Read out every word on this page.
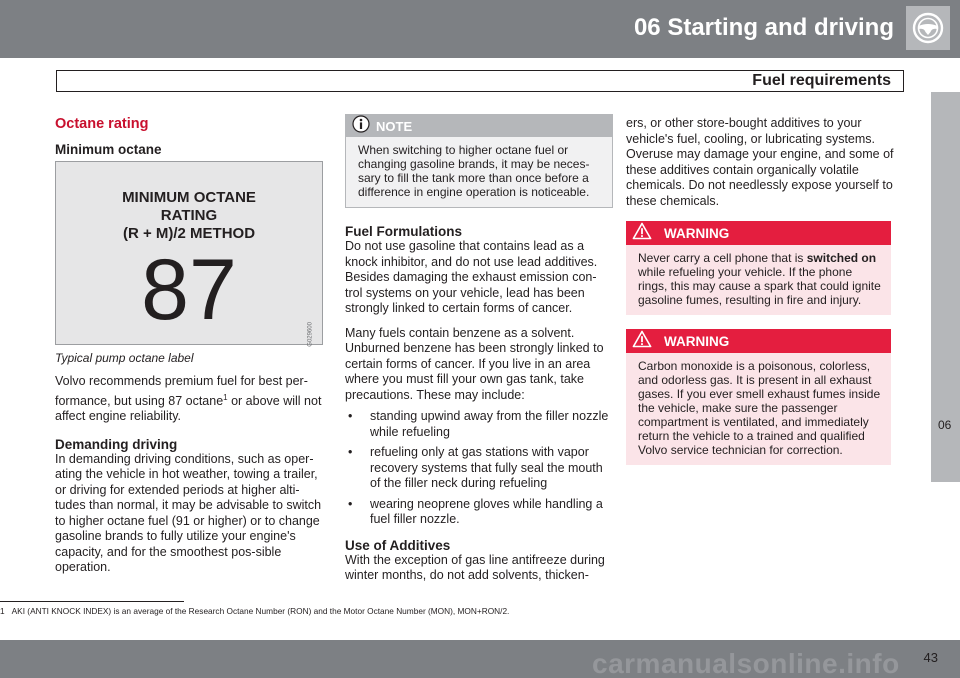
06 Starting and driving
Fuel requirements
06
Octane rating
Minimum octane
MINIMUM OCTANE
RATING
(R + M)/2 METHOD
87	G029600
Typical pump octane label

Volvo recommends premium fuel for best per-formance, but using 87 octane$^1$ or above will not affect engine reliability.

Demanding driving

In demanding driving conditions, such as oper-ating the vehicle in hot weather, towing a trailer, or driving for extended periods at higher alti-tudes than normal, it may be advisable to switch to higher octane fuel (91 or higher) or to change gasoline brands to fully utilize your engine's capacity, and for the smoothest pos-sible operation.

NOTE
When switching to higher octane fuel or changing gasoline brands, it may be neces-sary to fill the tank more than once before a difference in engine operation is noticeable.
Fuel Formulations

Do not use gasoline that contains lead as a knock inhibitor, and do not use lead additives. Besides damaging the exhaust emission con-trol systems on your vehicle, lead has been strongly linked to certain forms of cancer.

Many fuels contain benzene as a solvent. Unburned benzene has been strongly linked to certain forms of cancer. If you live in an area where you must fill your own gas tank, take precautions. These may include:

• standing upwind away from the filler nozzle while refueling
• refueling only at gas stations with vapor recovery systems that fully seal the mouth of the filler neck during refueling
• wearing neoprene gloves while handling a fuel filler nozzle.
Use of Additives

With the exception of gas line antifreeze during winter months, do not add solvents, thicken-

ers, or other store-bought additives to your vehicle's fuel, cooling, or lubricating systems. Overuse may damage your engine, and some of these additives contain organically volatile chemicals. Do not needlessly expose yourself to these chemicals.

WARNING
Never carry a cell phone that is switched on while refueling your vehicle. If the phone rings, this may cause a spark that could ignite gasoline fumes, resulting in fire and injury.
WARNING
Carbon monoxide is a poisonous, colorless, and odorless gas. It is present in all exhaust gases. If you ever smell exhaust fumes inside the vehicle, make sure the passenger compartment is ventilated, and immediately return the vehicle to a trained and qualified Volvo service technician for correction.
1 AKI (ANTI KNOCK INDEX) is an average of the Research Octane Number (RON) and the Motor Octane Number (MON), MON+RON/2.
carmanualsonline.info 43
